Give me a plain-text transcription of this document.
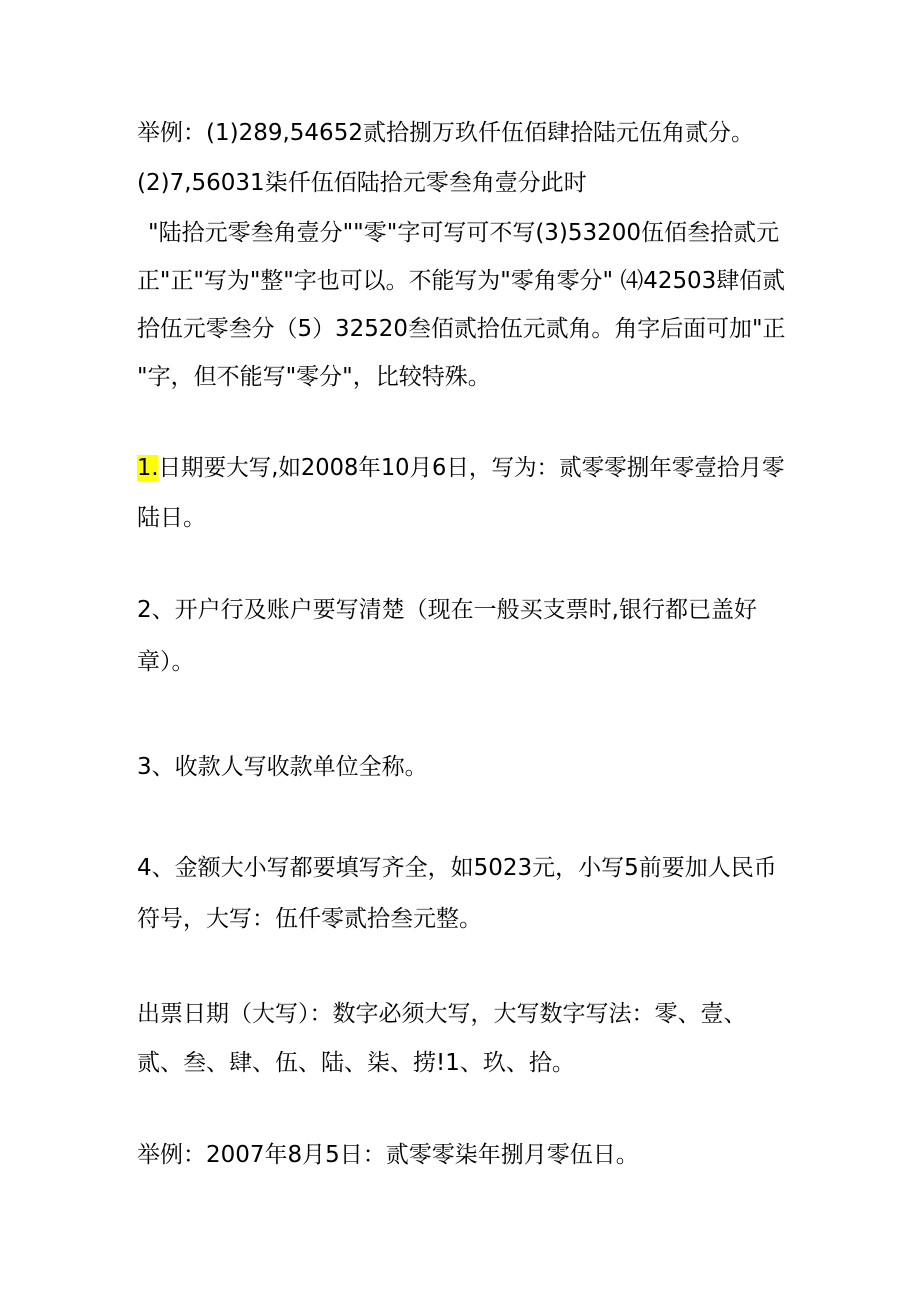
举例：(1)289,54652贰拾捌万玖仟伍佰肆拾陆元伍角贰分。
(2)7,56031柒仟伍佰陆拾元零叁角壹分此时
"陆拾元零叁角壹分""零"字可写可不写(3)53200伍佰叁拾贰元
正"正"写为"整"字也可以。不能写为"零角零分" ⑷42503肆佰贰
拾伍元零叁分（5）32520叁佰贰拾伍元贰角。角字后面可加"正
"字，但不能写"零分"，比较特殊。
1.日期要大写,如2008年10月6日，写为：贰零零捌年零壹拾月零
陆日。
2、开户行及账户要写清楚（现在一般买支票时,银行都已盖好
章）。
3、收款人写收款单位全称。
4、金额大小写都要填写齐全，如5023元，小写5前要加人民币
符号，大写：伍仟零贰拾叁元整。
出票日期（大写）：数字必须大写，大写数字写法：零、壹、
贰、叁、肆、伍、陆、柒、捞!1、玖、拾。
举例：2007年8月5日：贰零零柒年捌月零伍日。
